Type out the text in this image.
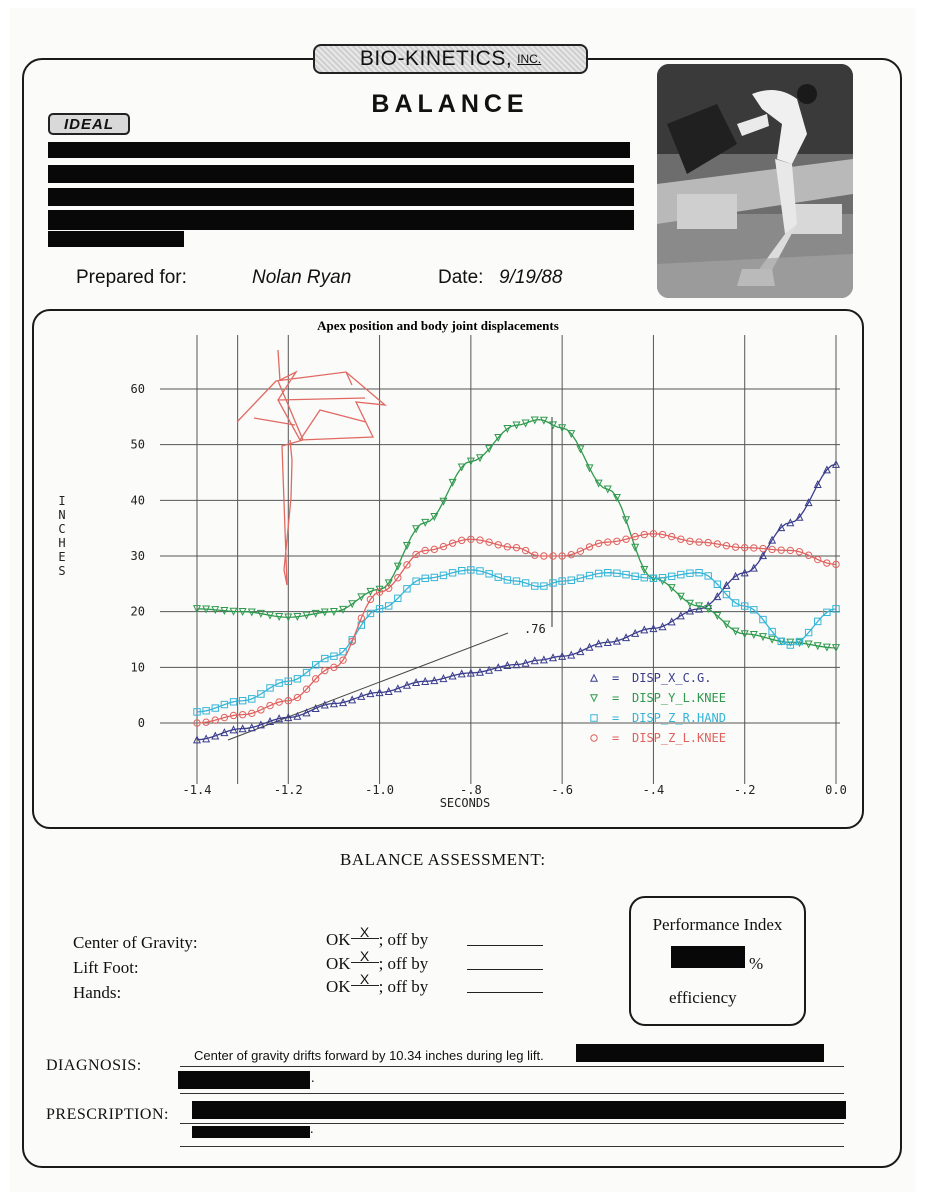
BIO-KINETICS, INC.
BALANCE
IDEAL
Prepared for:	Nolan Ryan	Date: 9/19/88
Apex position and body joint displacements
.76
60
50
40
30
20
10
0
-1.4	-1.2	-1.0	-.8	-.6	-.4	-.2	0.0
I
N
C
H
E
S
SECONDS
= DISP_X_C.G.
= DISP_Y_L.KNEE
= DISP_Z_R.HAND
= DISP_Z_L.KNEE
BALANCE ASSESSMENT:
Center of Gravity:	OK X ; off by
Lift Foot:	OK X ; off by
Hands:	OK X ; off by
Performance Index
%
efficiency
DIAGNOSIS:
Center of gravity drifts forward by 10.34 inches during leg lift.
.
PRESCRIPTION:
.
